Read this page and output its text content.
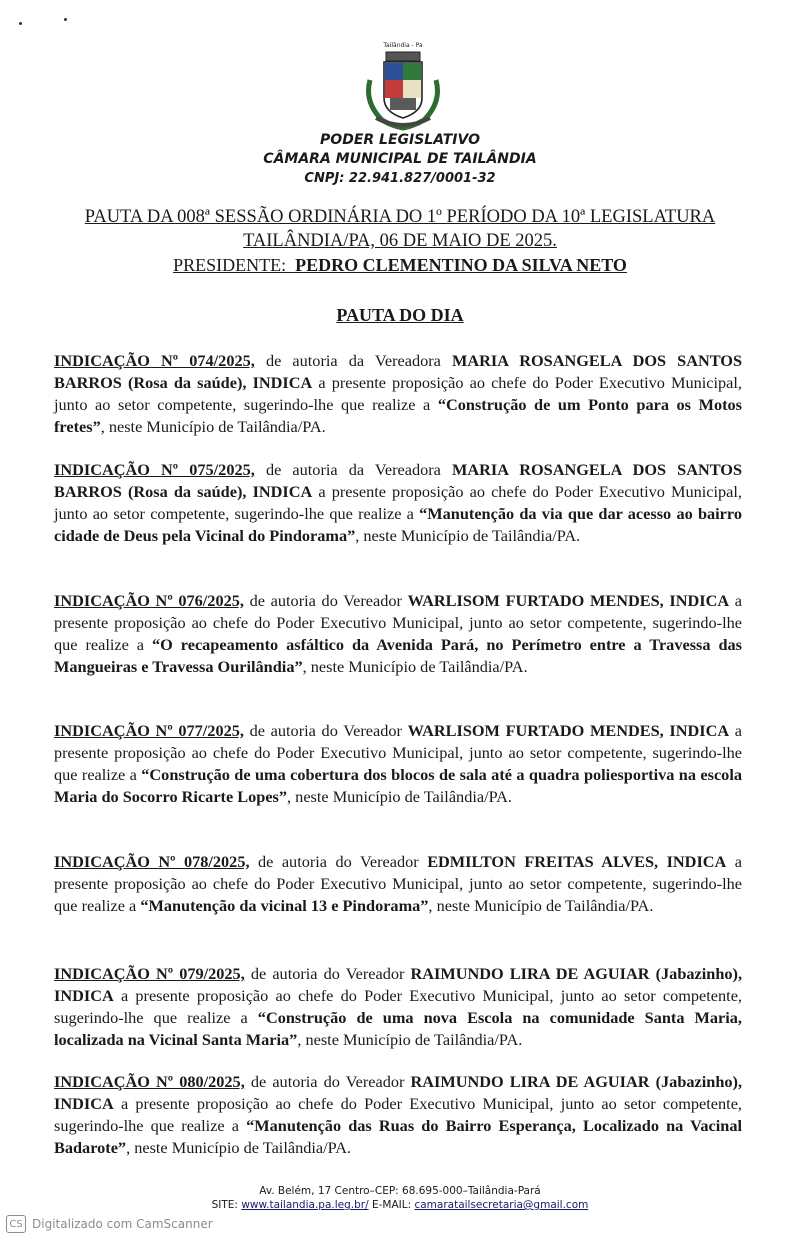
Tailândia - Pa
PODER LEGISLATIVO
CÂMARA MUNICIPAL DE TAILÂNDIA
CNPJ: 22.941.827/0001-32
PAUTA DA 008ª SESSÃO ORDINÁRIA DO 1º PERÍODO DA 10ª LEGISLATURA
TAILÂNDIA/PA, 06 DE MAIO DE 2025.
PRESIDENTE: PEDRO CLEMENTINO DA SILVA NETO
PAUTA DO DIA
INDICAÇÃO Nº 074/2025, de autoria da Vereadora MARIA ROSANGELA DOS SANTOS BARROS (Rosa da saúde), INDICA a presente proposição ao chefe do Poder Executivo Municipal, junto ao setor competente, sugerindo-lhe que realize a “Construção de um Ponto para os Motos fretes”, neste Município de Tailândia/PA.
INDICAÇÃO Nº 075/2025, de autoria da Vereadora MARIA ROSANGELA DOS SANTOS BARROS (Rosa da saúde), INDICA a presente proposição ao chefe do Poder Executivo Municipal, junto ao setor competente, sugerindo-lhe que realize a “Manutenção da via que dar acesso ao bairro cidade de Deus pela Vicinal do Pindorama”, neste Município de Tailândia/PA.
INDICAÇÃO Nº 076/2025, de autoria do Vereador WARLISOM FURTADO MENDES, INDICA a presente proposição ao chefe do Poder Executivo Municipal, junto ao setor competente, sugerindo-lhe que realize a “O recapeamento asfáltico da Avenida Pará, no Perímetro entre a Travessa das Mangueiras e Travessa Ourilândia”, neste Município de Tailândia/PA.
INDICAÇÃO Nº 077/2025, de autoria do Vereador WARLISOM FURTADO MENDES, INDICA a presente proposição ao chefe do Poder Executivo Municipal, junto ao setor competente, sugerindo-lhe que realize a “Construção de uma cobertura dos blocos de sala até a quadra poliesportiva na escola Maria do Socorro Ricarte Lopes”, neste Município de Tailândia/PA.
INDICAÇÃO Nº 078/2025, de autoria do Vereador EDMILTON FREITAS ALVES, INDICA a presente proposição ao chefe do Poder Executivo Municipal, junto ao setor competente, sugerindo-lhe que realize a “Manutenção da vicinal 13 e Pindorama”, neste Município de Tailândia/PA.
INDICAÇÃO Nº 079/2025, de autoria do Vereador RAIMUNDO LIRA DE AGUIAR (Jabazinho), INDICA a presente proposição ao chefe do Poder Executivo Municipal, junto ao setor competente, sugerindo-lhe que realize a “Construção de uma nova Escola na comunidade Santa Maria, localizada na Vicinal Santa Maria”, neste Município de Tailândia/PA.
INDICAÇÃO Nº 080/2025, de autoria do Vereador RAIMUNDO LIRA DE AGUIAR (Jabazinho), INDICA a presente proposição ao chefe do Poder Executivo Municipal, junto ao setor competente, sugerindo-lhe que realize a “Manutenção das Ruas do Bairro Esperança, Localizado na Vacinal Badarote”, neste Município de Tailândia/PA.
Av. Belém, 17 Centro–CEP: 68.695-000–Tailândia-Pará
SITE: www.tailandia.pa.leg.br/ E-MAIL: camaratailsecretaria@gmail.com
CS Digitalizado com CamScanner
